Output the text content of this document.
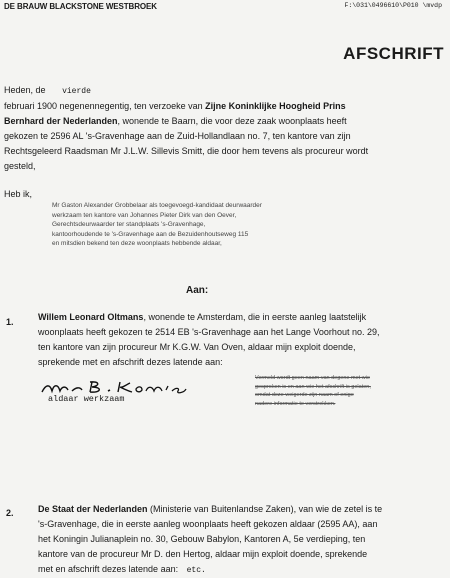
DE BRAUW BLACKSTONE WESTBROEK	F:\031\0496610\P010 \mvdp
AFSCHRIFT
Heden, de vierde
februari 1900 negenennegentig, ten verzoeke van Zijne Koninklijke Hoogheid Prins
Bernhard der Nederlanden, wonende te Baarn, die voor deze zaak woonplaats heeft
gekozen te 2596 AL 's-Gravenhage aan de Zuid-Hollandlaan no. 7, ten kantore van zijn
Rechtsgeleerd Raadsman Mr J.L.W. Sillevis Smitt, die door hem tevens als procureur wordt
gesteld,
Heb ik,
Mr Gaston Alexander Grobbelaar als toegevoegd-kandidaat deurwaarder
werkzaam ten kantore van Johannes Pieter Dirk van den Oever,
Gerechtsdeurwaarder ter standplaats 's-Gravenhage,
kantoorhoudende te 's-Gravenhage aan de Bezuidenhoutseweg 115
en mitsdien bekend ten deze woonplaats hebbende aldaar,
Aan:
1.	Willem Leonard Oltmans, wonende te Amsterdam, die in eerste aanleg laatstelijk
woonplaats heeft gekozen te 2514 EB 's-Gravenhage aan het Lange Voorhout no. 29,
ten kantore van zijn procureur Mr K.G.W. Van Oven, aldaar mijn exploit doende,
sprekende met en afschrift dezes latende aan:
aldaar werkzaam
Vermeld wordt geen naam van degene met wie
gesproken is en aan wie het afschrift is gelaten,
omdat deze weigerde zijn naam of enige
nadere informatie te verstrekken.
2.	De Staat der Nederlanden (Ministerie van Buitenlandse Zaken), van wie de zetel is te
's-Gravenhage, die in eerste aanleg woonplaats heeft gekozen aldaar (2595 AA), aan
het Koningin Julianaplein no. 30, Gebouw Babylon, Kantoren A, 5e verdieping, ten
kantore van de procureur Mr D. den Hertog, aldaar mijn exploit doende, sprekende
met en afschrift dezes latende aan: etc.
